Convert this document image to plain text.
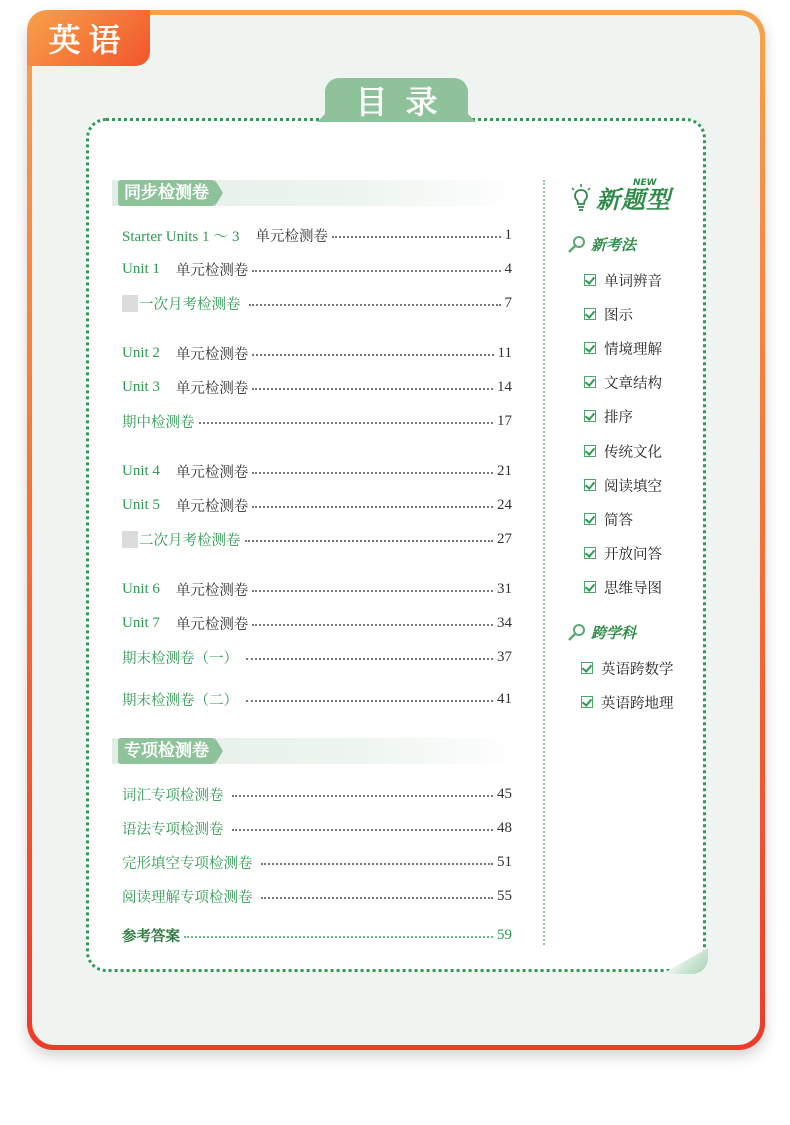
英语
目录
同步检测卷
Starter Units 1 ～ 3 单元检测卷	1
Unit 1 单元检测卷	4
一次月考检测卷	7
Unit 2 单元检测卷	11
Unit 3 单元检测卷	14
期中检测卷	17
Unit 4 单元检测卷	21
Unit 5 单元检测卷	24
二次月考检测卷	27
Unit 6 单元检测卷	31
Unit 7 单元检测卷	34
期末检测卷（一）	37
期末检测卷（二）	41
专项检测卷
词汇专项检测卷	45
语法专项检测卷	48
完形填空专项检测卷	51
阅读理解专项检测卷	55
参考答案	59
新题型
NEW
新考法
单词辨音
图示
情境理解
文章结构
排序
传统文化
阅读填空
简答
开放问答
思维导图
跨学科
英语跨数学
英语跨地理
